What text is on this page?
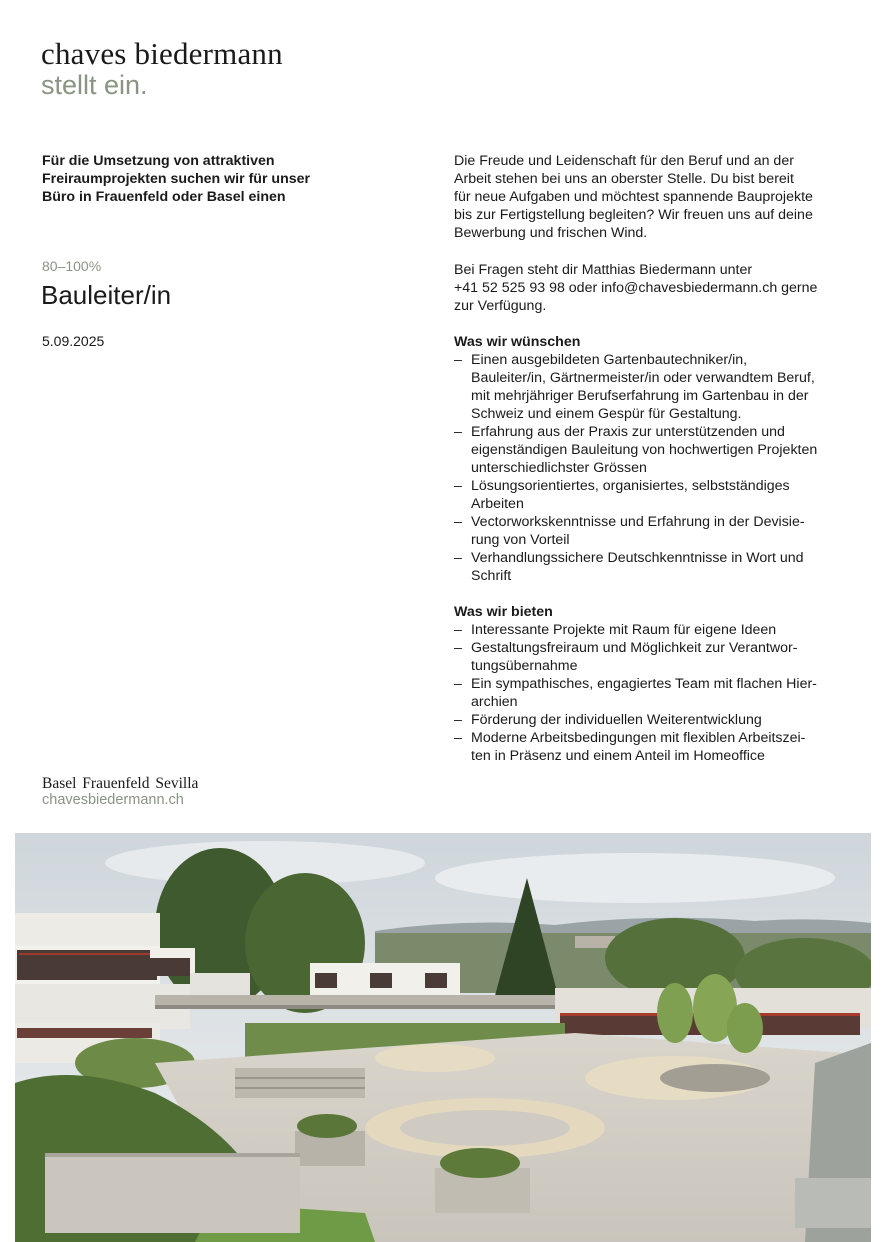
chaves biedermann
stellt ein.
Für die Umsetzung von attraktiven
Freiraumprojekten suchen wir für unser
Büro in Frauenfeld oder Basel einen
80–100%
Bauleiter/in
5.09.2025
Die Freude und Leidenschaft für den Beruf und an der
Arbeit stehen bei uns an oberster Stelle. Du bist bereit
für neue Aufgaben und möchtest spannende Bauprojekte
bis zur Fertigstellung begleiten? Wir freuen uns auf deine
Bewerbung und frischen Wind.
Bei Fragen steht dir Matthias Biedermann unter
+41 52 525 93 98 oder info@chavesbiedermann.ch gerne
zur Verfügung.
Was wir wünschen
– Einen ausgebildeten Gartenbautechniker/in,
Bauleiter/in, Gärtnermeister/in oder verwandtem Beruf,
mit mehrjähriger Berufserfahrung im Gartenbau in der
Schweiz und einem Gespür für Gestaltung.
– Erfahrung aus der Praxis zur unterstützenden und
eigenständigen Bauleitung von hochwertigen Projekten
unterschiedlichster Grössen
– Lösungsorientiertes, organisiertes, selbstständiges
Arbeiten
– Vectorworkskenntnisse und Erfahrung in der Devisie-
rung von Vorteil
– Verhandlungssichere Deutschkenntnisse in Wort und
Schrift
Was wir bieten
– Interessante Projekte mit Raum für eigene Ideen
– Gestaltungsfreiraum und Möglichkeit zur Verantwor-
tungsübernahme
– Ein sympathisches, engagiertes Team mit flachen Hier-
archien
– Förderung der individuellen Weiterentwicklung
– Moderne Arbeitsbedingungen mit flexiblen Arbeitszei-
ten in Präsenz und einem Anteil im Homeoffice
Basel Frauenfeld Sevilla
chavesbiedermann.ch
